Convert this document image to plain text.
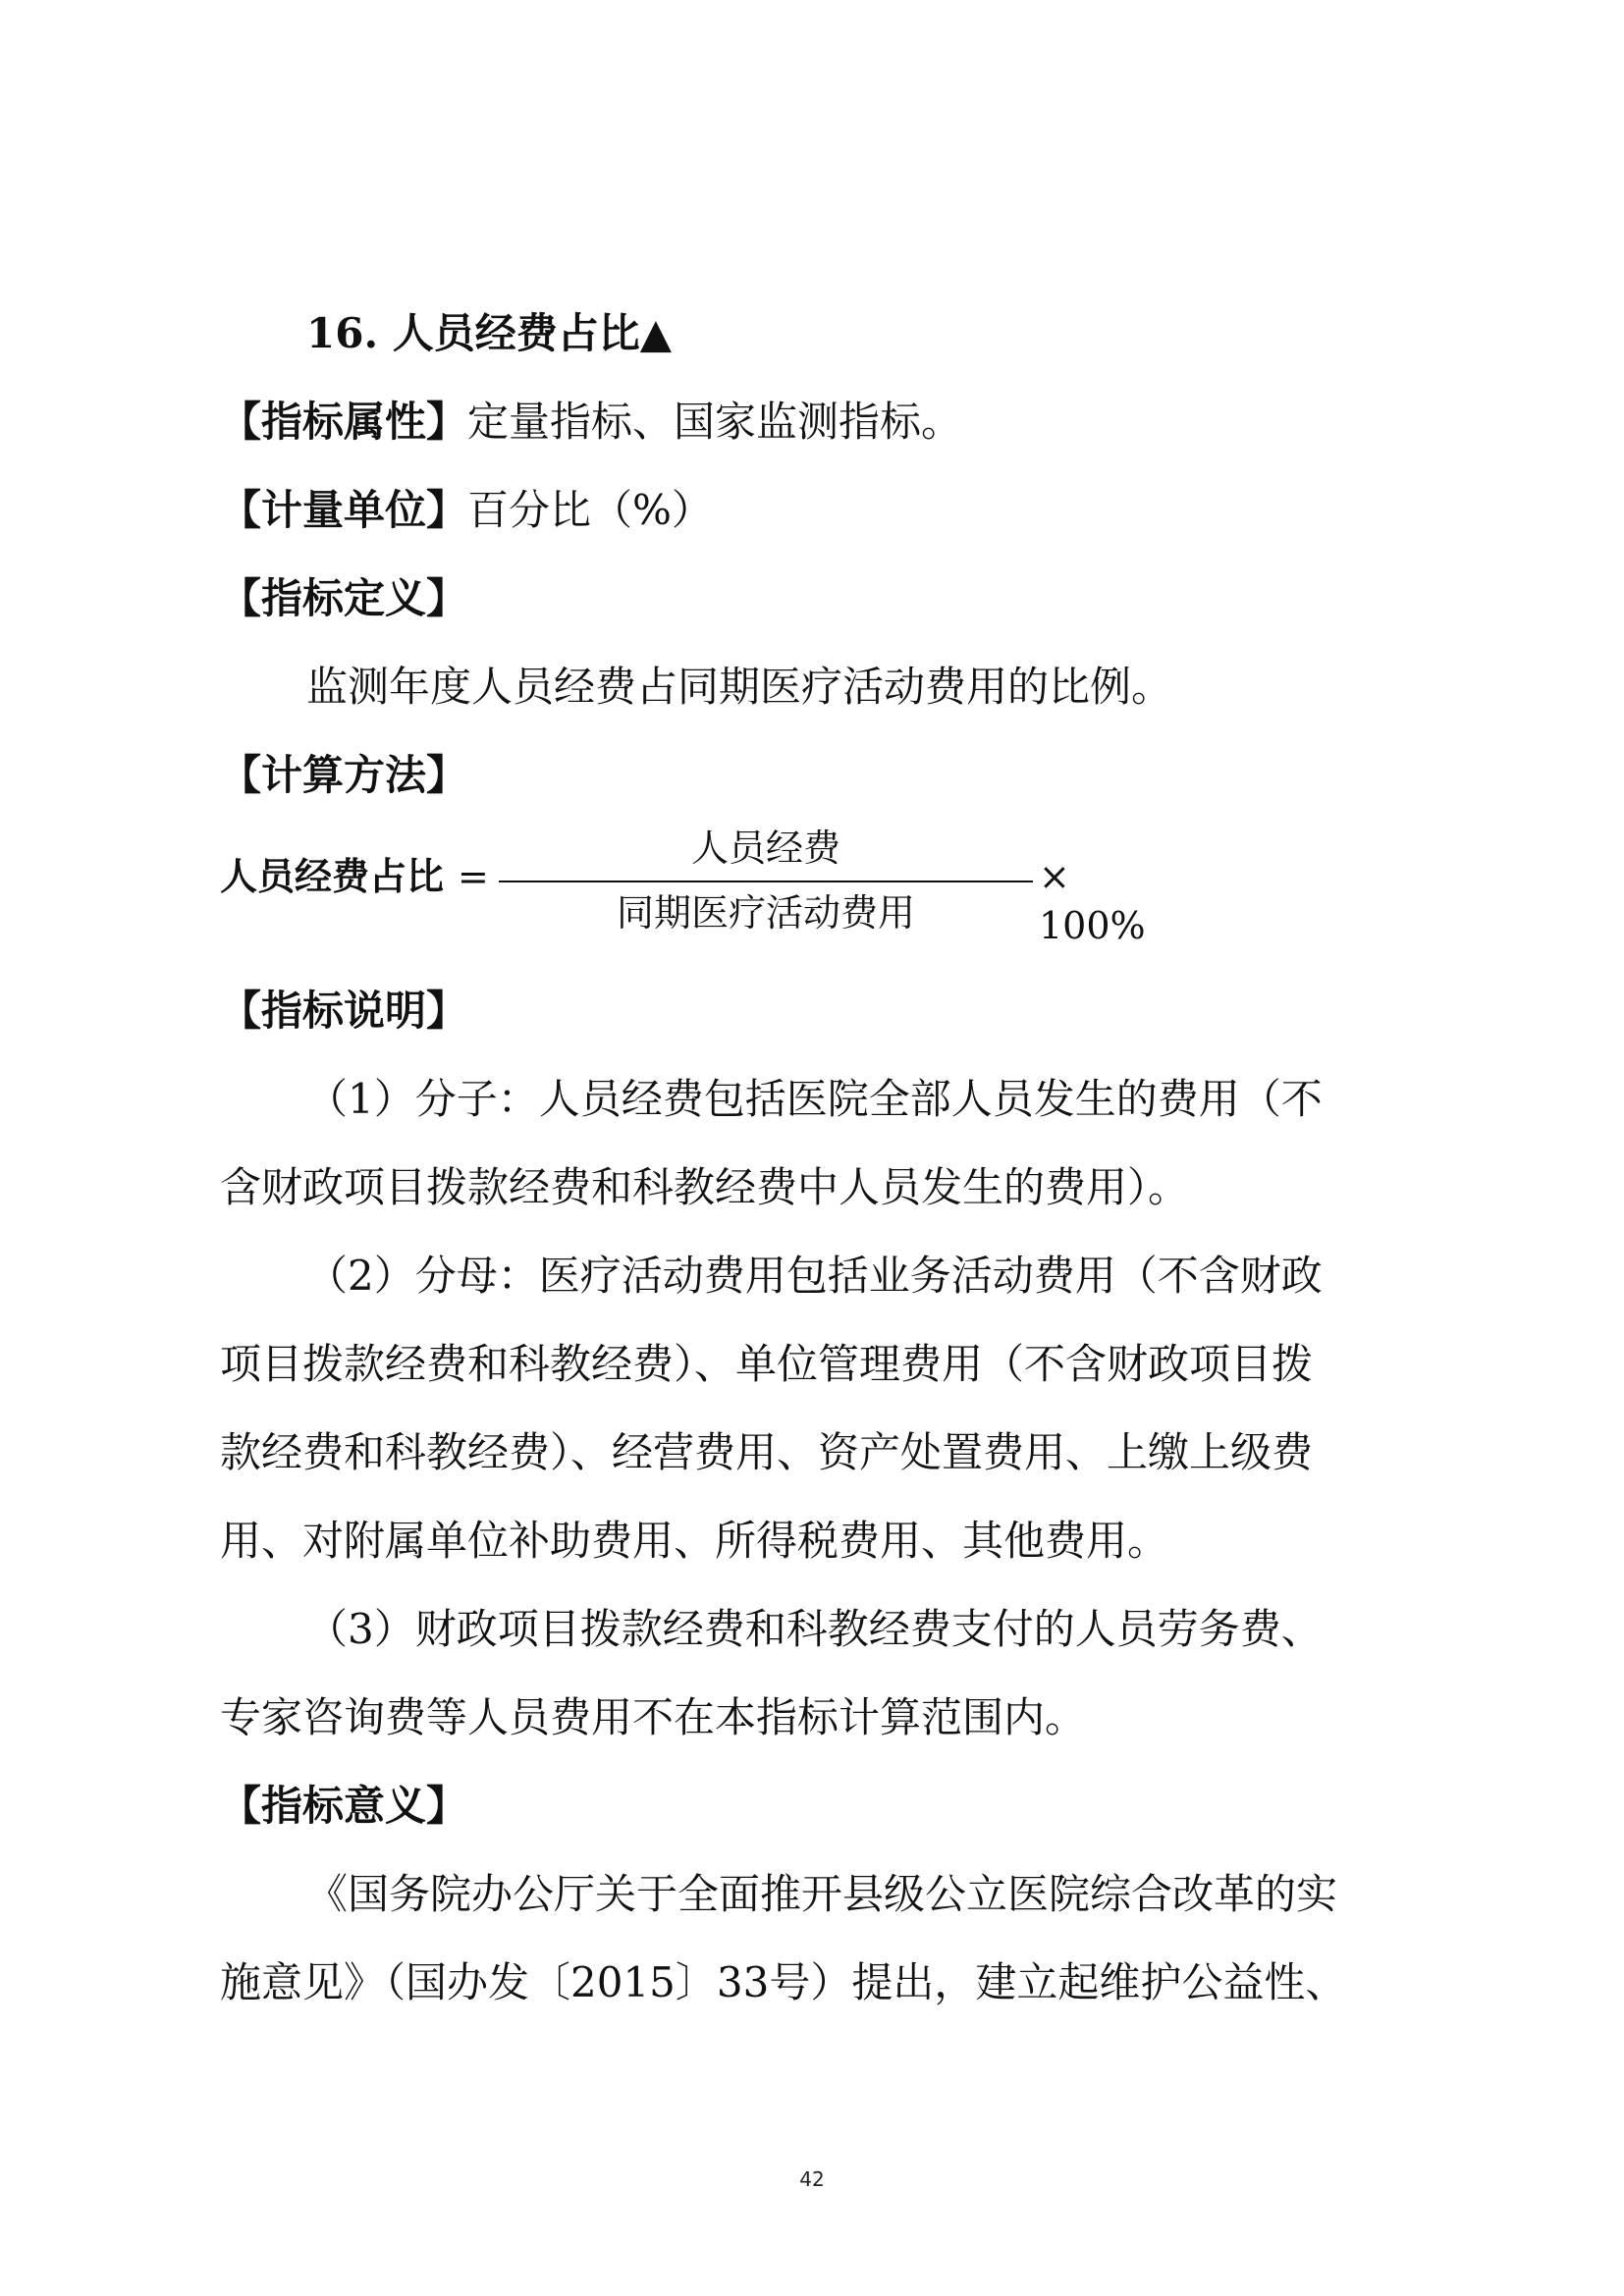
16. 人员经费占比▲
【指标属性】定量指标、国家监测指标。
【计量单位】百分比（%）
【指标定义】
监测年度人员经费占同期医疗活动费用的比例。
【计算方法】
人员经费占比 =
人员经费
同期医疗活动费用
× 100%
【指标说明】
（1）分子：人员经费包括医院全部人员发生的费用（不
含财政项目拨款经费和科教经费中人员发生的费用）。
（2）分母：医疗活动费用包括业务活动费用（不含财政
项目拨款经费和科教经费）、单位管理费用（不含财政项目拨
款经费和科教经费）、经营费用、资产处置费用、上缴上级费
用、对附属单位补助费用、所得税费用、其他费用。
（3）财政项目拨款经费和科教经费支付的人员劳务费、
专家咨询费等人员费用不在本指标计算范围内。
【指标意义】
《国务院办公厅关于全面推开县级公立医院综合改革的实
施意见》（国办发〔2015〕33号）提出，建立起维护公益性、
42
